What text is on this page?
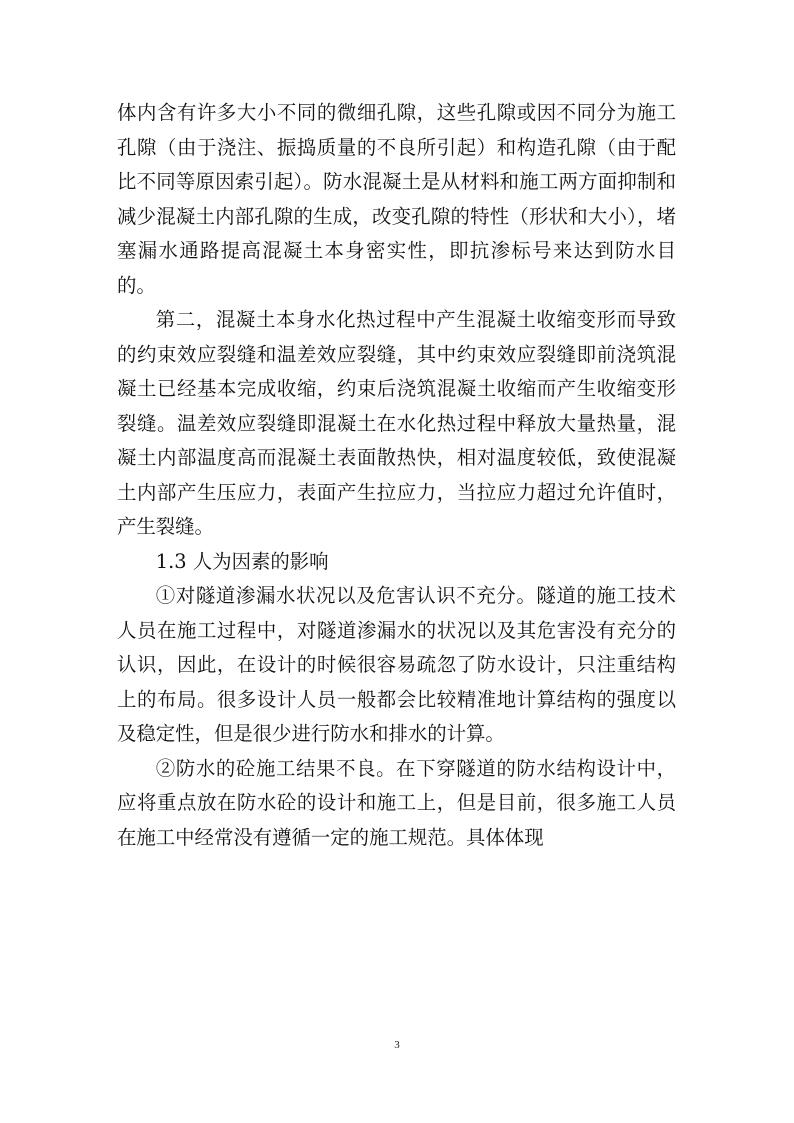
体内含有许多大小不同的微细孔隙，这些孔隙或因不同分为施工孔隙（由于浇注、振捣质量的不良所引起）和构造孔隙（由于配比不同等原因索引起）。防水混凝土是从材料和施工两方面抑制和减少混凝土内部孔隙的生成，改变孔隙的特性（形状和大小），堵塞漏水通路提高混凝土本身密实性，即抗渗标号来达到防水目的。

第二，混凝土本身水化热过程中产生混凝土收缩变形而导致的约束效应裂缝和温差效应裂缝，其中约束效应裂缝即前浇筑混凝土已经基本完成收缩，约束后浇筑混凝土收缩而产生收缩变形裂缝。温差效应裂缝即混凝土在水化热过程中释放大量热量，混凝土内部温度高而混凝土表面散热快，相对温度较低，致使混凝土内部产生压应力，表面产生拉应力，当拉应力超过允许值时，产生裂缝。

1.3 人为因素的影响

①对隧道渗漏水状况以及危害认识不充分。隧道的施工技术人员在施工过程中，对隧道渗漏水的状况以及其危害没有充分的认识，因此，在设计的时候很容易疏忽了防水设计，只注重结构上的布局。很多设计人员一般都会比较精准地计算结构的强度以及稳定性，但是很少进行防水和排水的计算。

②防水的砼施工结果不良。在下穿隧道的防水结构设计中，应将重点放在防水砼的设计和施工上，但是目前，很多施工人员在施工中经常没有遵循一定的施工规范。具体体现

3
